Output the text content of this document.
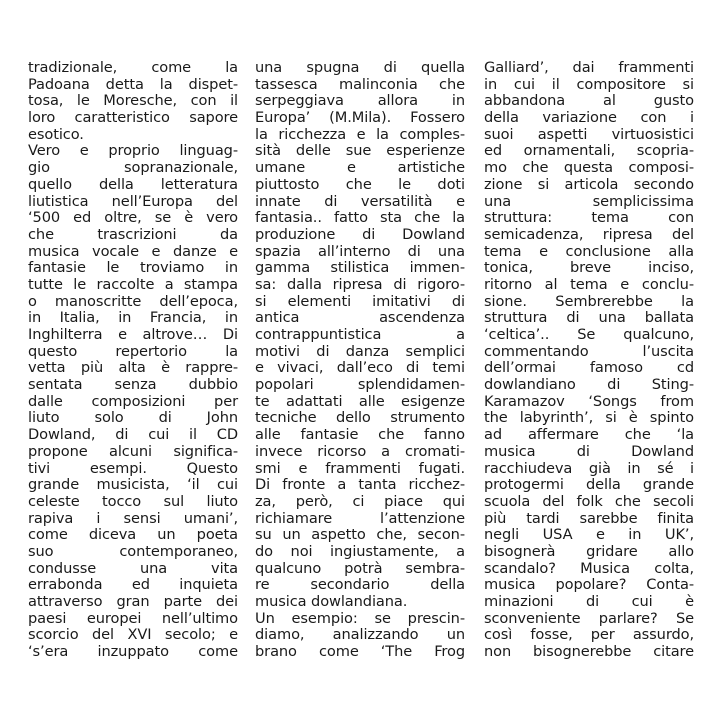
tradizionale, come la
Padoana detta la dispet-
tosa, le Moresche, con il
loro caratteristico sapore
esotico.
Vero e proprio linguag-
gio sopranazionale,
quello della letteratura
liutistica nell’Europa del
‘500 ed oltre, se è vero
che trascrizioni da
musica vocale e danze e
fantasie le troviamo in
tutte le raccolte a stampa
o manoscritte dell’epoca,
in Italia, in Francia, in
Inghilterra e altrove… Di
questo repertorio la
vetta più alta è rappre-
sentata senza dubbio
dalle composizioni per
liuto solo di John
Dowland, di cui il CD
propone alcuni significa-
tivi esempi. Questo
grande musicista, ‘il cui
celeste tocco sul liuto
rapiva i sensi umani’,
come diceva un poeta
suo contemporaneo,
condusse una vita
errabonda ed inquieta
attraverso gran parte dei
paesi europei nell’ultimo
scorcio del XVI secolo; e
‘s’era inzuppato come
una spugna di quella
tassesca malinconia che
serpeggiava allora in
Europa’ (M.Mila). Fossero
la ricchezza e la comples-
sità delle sue esperienze
umane e artistiche
piuttosto che le doti
innate di versatilità e
fantasia.. fatto sta che la
produzione di Dowland
spazia all’interno di una
gamma stilistica immen-
sa: dalla ripresa di rigoro-
si elementi imitativi di
antica ascendenza
contrappuntistica a
motivi di danza semplici
e vivaci, dall’eco di temi
popolari splendidamen-
te adattati alle esigenze
tecniche dello strumento
alle fantasie che fanno
invece ricorso a cromati-
smi e frammenti fugati.
Di fronte a tanta ricchez-
za, però, ci piace qui
richiamare l’attenzione
su un aspetto che, secon-
do noi ingiustamente, a
qualcuno potrà sembra-
re secondario della
musica dowlandiana.
Un esempio: se prescin-
diamo, analizzando un
brano come ‘The Frog
Galliard’, dai frammenti
in cui il compositore si
abbandona al gusto
della variazione con i
suoi aspetti virtuosistici
ed ornamentali, scopria-
mo che questa composi-
zione si articola secondo
una semplicissima
struttura: tema con
semicadenza, ripresa del
tema e conclusione alla
tonica, breve inciso,
ritorno al tema e conclu-
sione. Sembrerebbe la
struttura di una ballata
‘celtica’.. Se qualcuno,
commentando l’uscita
dell’ormai famoso cd
dowlandiano di Sting-
Karamazov ‘Songs from
the labyrinth’, si è spinto
ad affermare che ‘la
musica di Dowland
racchiudeva già in sé i
protogermi della grande
scuola del folk che secoli
più tardi sarebbe finita
negli USA e in UK’,
bisognerà gridare allo
scandalo? Musica colta,
musica popolare? Conta-
minazioni di cui è
sconveniente parlare? Se
così fosse, per assurdo,
non bisognerebbe citare
